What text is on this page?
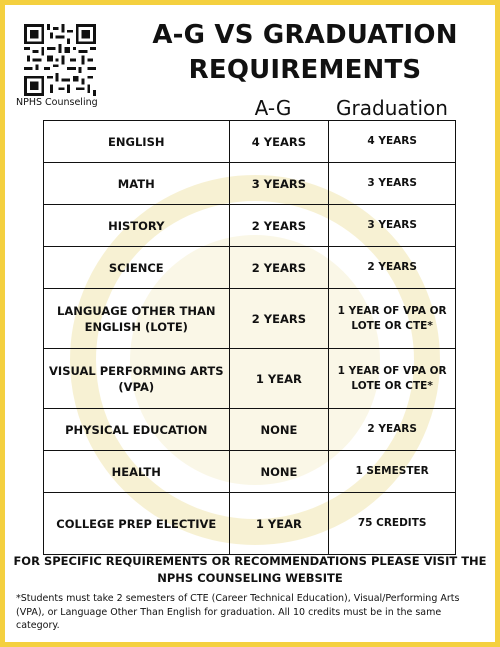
NPHS Counseling
A-G VS GRADUATION REQUIREMENTS
A-G	Graduation
ENGLISH	4 YEARS	4 YEARS
MATH	3 YEARS	3 YEARS
HISTORY	2 YEARS	3 YEARS
SCIENCE	2 YEARS	2 YEARS
LANGUAGE OTHER THAN ENGLISH (LOTE)	2 YEARS	1 YEAR OF VPA OR LOTE OR CTE*
VISUAL PERFORMING ARTS (VPA)	1 YEAR	1 YEAR OF VPA OR LOTE OR CTE*
PHYSICAL EDUCATION	NONE	2 YEARS
HEALTH	NONE	1 SEMESTER
COLLEGE PREP ELECTIVE	1 YEAR	75 CREDITS
FOR SPECIFIC REQUIREMENTS OR RECOMMENDATIONS PLEASE VISIT THE NPHS COUNSELING WEBSITE
*Students must take 2 semesters of CTE (Career Technical Education), Visual/Performing Arts (VPA), or Language Other Than English for graduation. All 10 credits must be in the same category.
